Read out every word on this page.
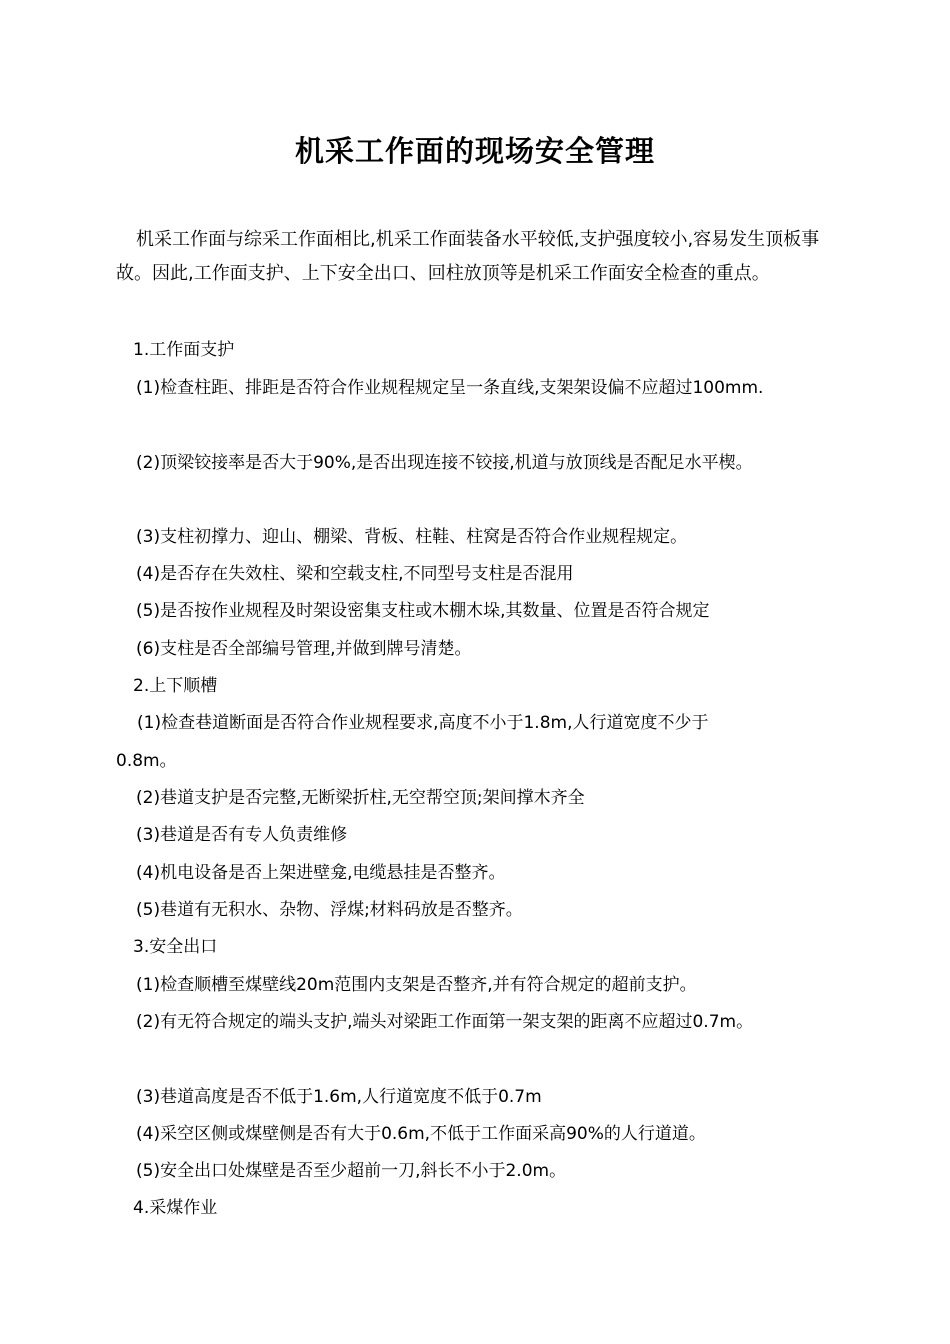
机采工作面的现场安全管理
机采工作面与综采工作面相比,机采工作面装备水平较低,支护强度较小,容易发生顶板事故。因此,工作面支护、上下安全出口、回柱放顶等是机采工作面安全检查的重点。
1.工作面支护
(1)检查柱距、排距是否符合作业规程规定呈一条直线,支架架设偏不应超过100mm.
(2)顶梁铰接率是否大于90%,是否出现连接不铰接,机道与放顶线是否配足水平楔。
(3)支柱初撑力、迎山、棚梁、背板、柱鞋、柱窝是否符合作业规程规定。
(4)是否存在失效柱、梁和空载支柱,不同型号支柱是否混用
(5)是否按作业规程及时架设密集支柱或木棚木垛,其数量、位置是否符合规定
(6)支柱是否全部编号管理,并做到牌号清楚。
2.上下顺槽
(1)检查巷道断面是否符合作业规程要求,高度不小于1.8m,人行道宽度不少于
0.8m。
(2)巷道支护是否完整,无断梁折柱,无空帮空顶;架间撑木齐全
(3)巷道是否有专人负责维修
(4)机电设备是否上架进壁龛,电缆悬挂是否整齐。
(5)巷道有无积水、杂物、浮煤;材料码放是否整齐。
3.安全出口
(1)检查顺槽至煤壁线20m范围内支架是否整齐,并有符合规定的超前支护。
(2)有无符合规定的端头支护,端头对梁距工作面第一架支架的距离不应超过0.7m。
(3)巷道高度是否不低于1.6m,人行道宽度不低于0.7m
(4)采空区侧或煤壁侧是否有大于0.6m,不低于工作面采高90%的人行道道。
(5)安全出口处煤壁是否至少超前一刀,斜长不小于2.0m。
4.采煤作业
